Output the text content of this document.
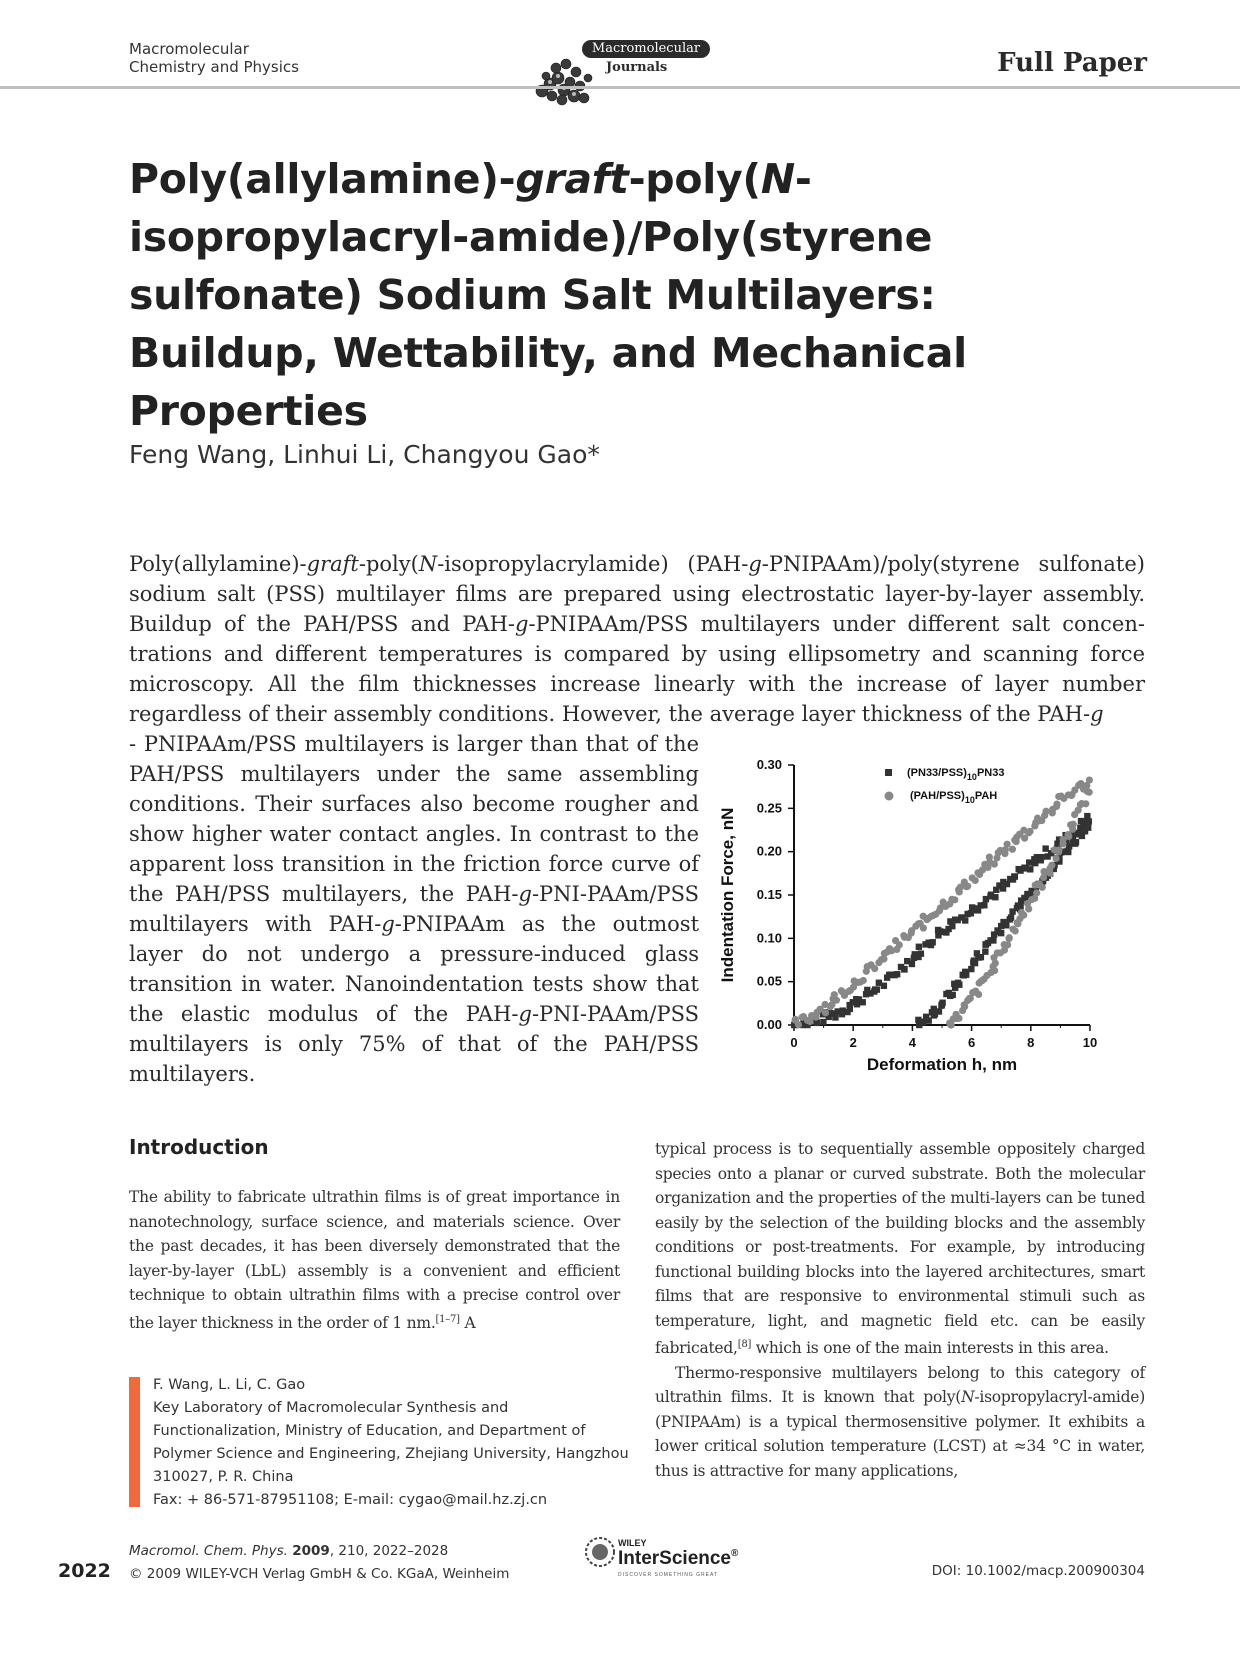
Macromolecular
Chemistry and Physics
Macromolecular
Journals	Full Paper
Poly(allylamine)-graft-poly(N-isopropylacryl-amide)/Poly(styrene sulfonate) Sodium Salt Multilayers: Buildup, Wettability, and Mechanical Properties
Feng Wang, Linhui Li, Changyou Gao*
Poly(allylamine)-graft-poly(N-isopropylacrylamide) (PAH-g-PNIPAAm)/poly(styrene sulfonate) sodium salt (PSS) multilayer films are prepared using electrostatic layer-by-layer assembly. Buildup of the PAH/PSS and PAH-g-PNIPAAm/PSS multilayers under different salt concen-trations and different temperatures is compared by using ellipsometry and scanning force microscopy. All the film thicknesses increase linearly with the increase of layer number regardless of their assembly conditions. However, the average layer thickness of the PAH-g
- PNIPAAm/PSS multilayers is larger than that of the PAH/PSS multilayers under the same assembling conditions. Their surfaces also become rougher and show higher water contact angles. In contrast to the apparent loss transition in the friction force curve of the PAH/PSS multilayers, the PAH-g-PNI-PAAm/PSS multilayers with PAH-g-PNIPAAm as the outmost layer do not undergo a pressure-induced glass transition in water. Nanoindentation tests show that the elastic modulus of the PAH-g-PNI-PAAm/PSS multilayers is only 75% of that of the PAH/PSS multilayers.
0	2	4	6	8	10
0.00
0.05
0.10
0.15
0.20
0.25
0.30
Deformation h, nm
Indentation Force, nN
$(PN33/PSS)_{10}PN33$
$(PAH/PSS)_{10}PAH$
Introduction
The ability to fabricate ultrathin films is of great importance in nanotechnology, surface science, and materials science. Over the past decades, it has been diversely demonstrated that the layer-by-layer (LbL) assembly is a convenient and efficient technique to obtain ultrathin films with a precise control over the layer thickness in the order of 1 nm.[1–7] A
typical process is to sequentially assemble oppositely charged species onto a planar or curved substrate. Both the molecular organization and the properties of the multi-layers can be tuned easily by the selection of the building blocks and the assembly conditions or post-treatments. For example, by introducing functional building blocks into the layered architectures, smart films that are responsive to environmental stimuli such as temperature, light, and magnetic field etc. can be easily fabricated,[8] which is one of the main interests in this area.
Thermo-responsive multilayers belong to this category of ultrathin films. It is known that poly(N-isopropylacryl-amide) (PNIPAAm) is a typical thermosensitive polymer. It exhibits a lower critical solution temperature (LCST) at ≈34 °C in water, thus is attractive for many applications,
F. Wang, L. Li, C. Gao
Key Laboratory of Macromolecular Synthesis and Functionalization, Ministry of Education, and Department of Polymer Science and Engineering, Zhejiang University, Hangzhou 310027, P. R. China
Fax: + 86-571-87951108; E-mail: cygao@mail.hz.zj.cn
2022
Macromol. Chem. Phys. 2009, 210, 2022–2028
© 2009 WILEY-VCH Verlag GmbH & Co. KGaA, Weinheim
WILEY
InterScience®
DISCOVER SOMETHING GREAT	DOI: 10.1002/macp.200900304
